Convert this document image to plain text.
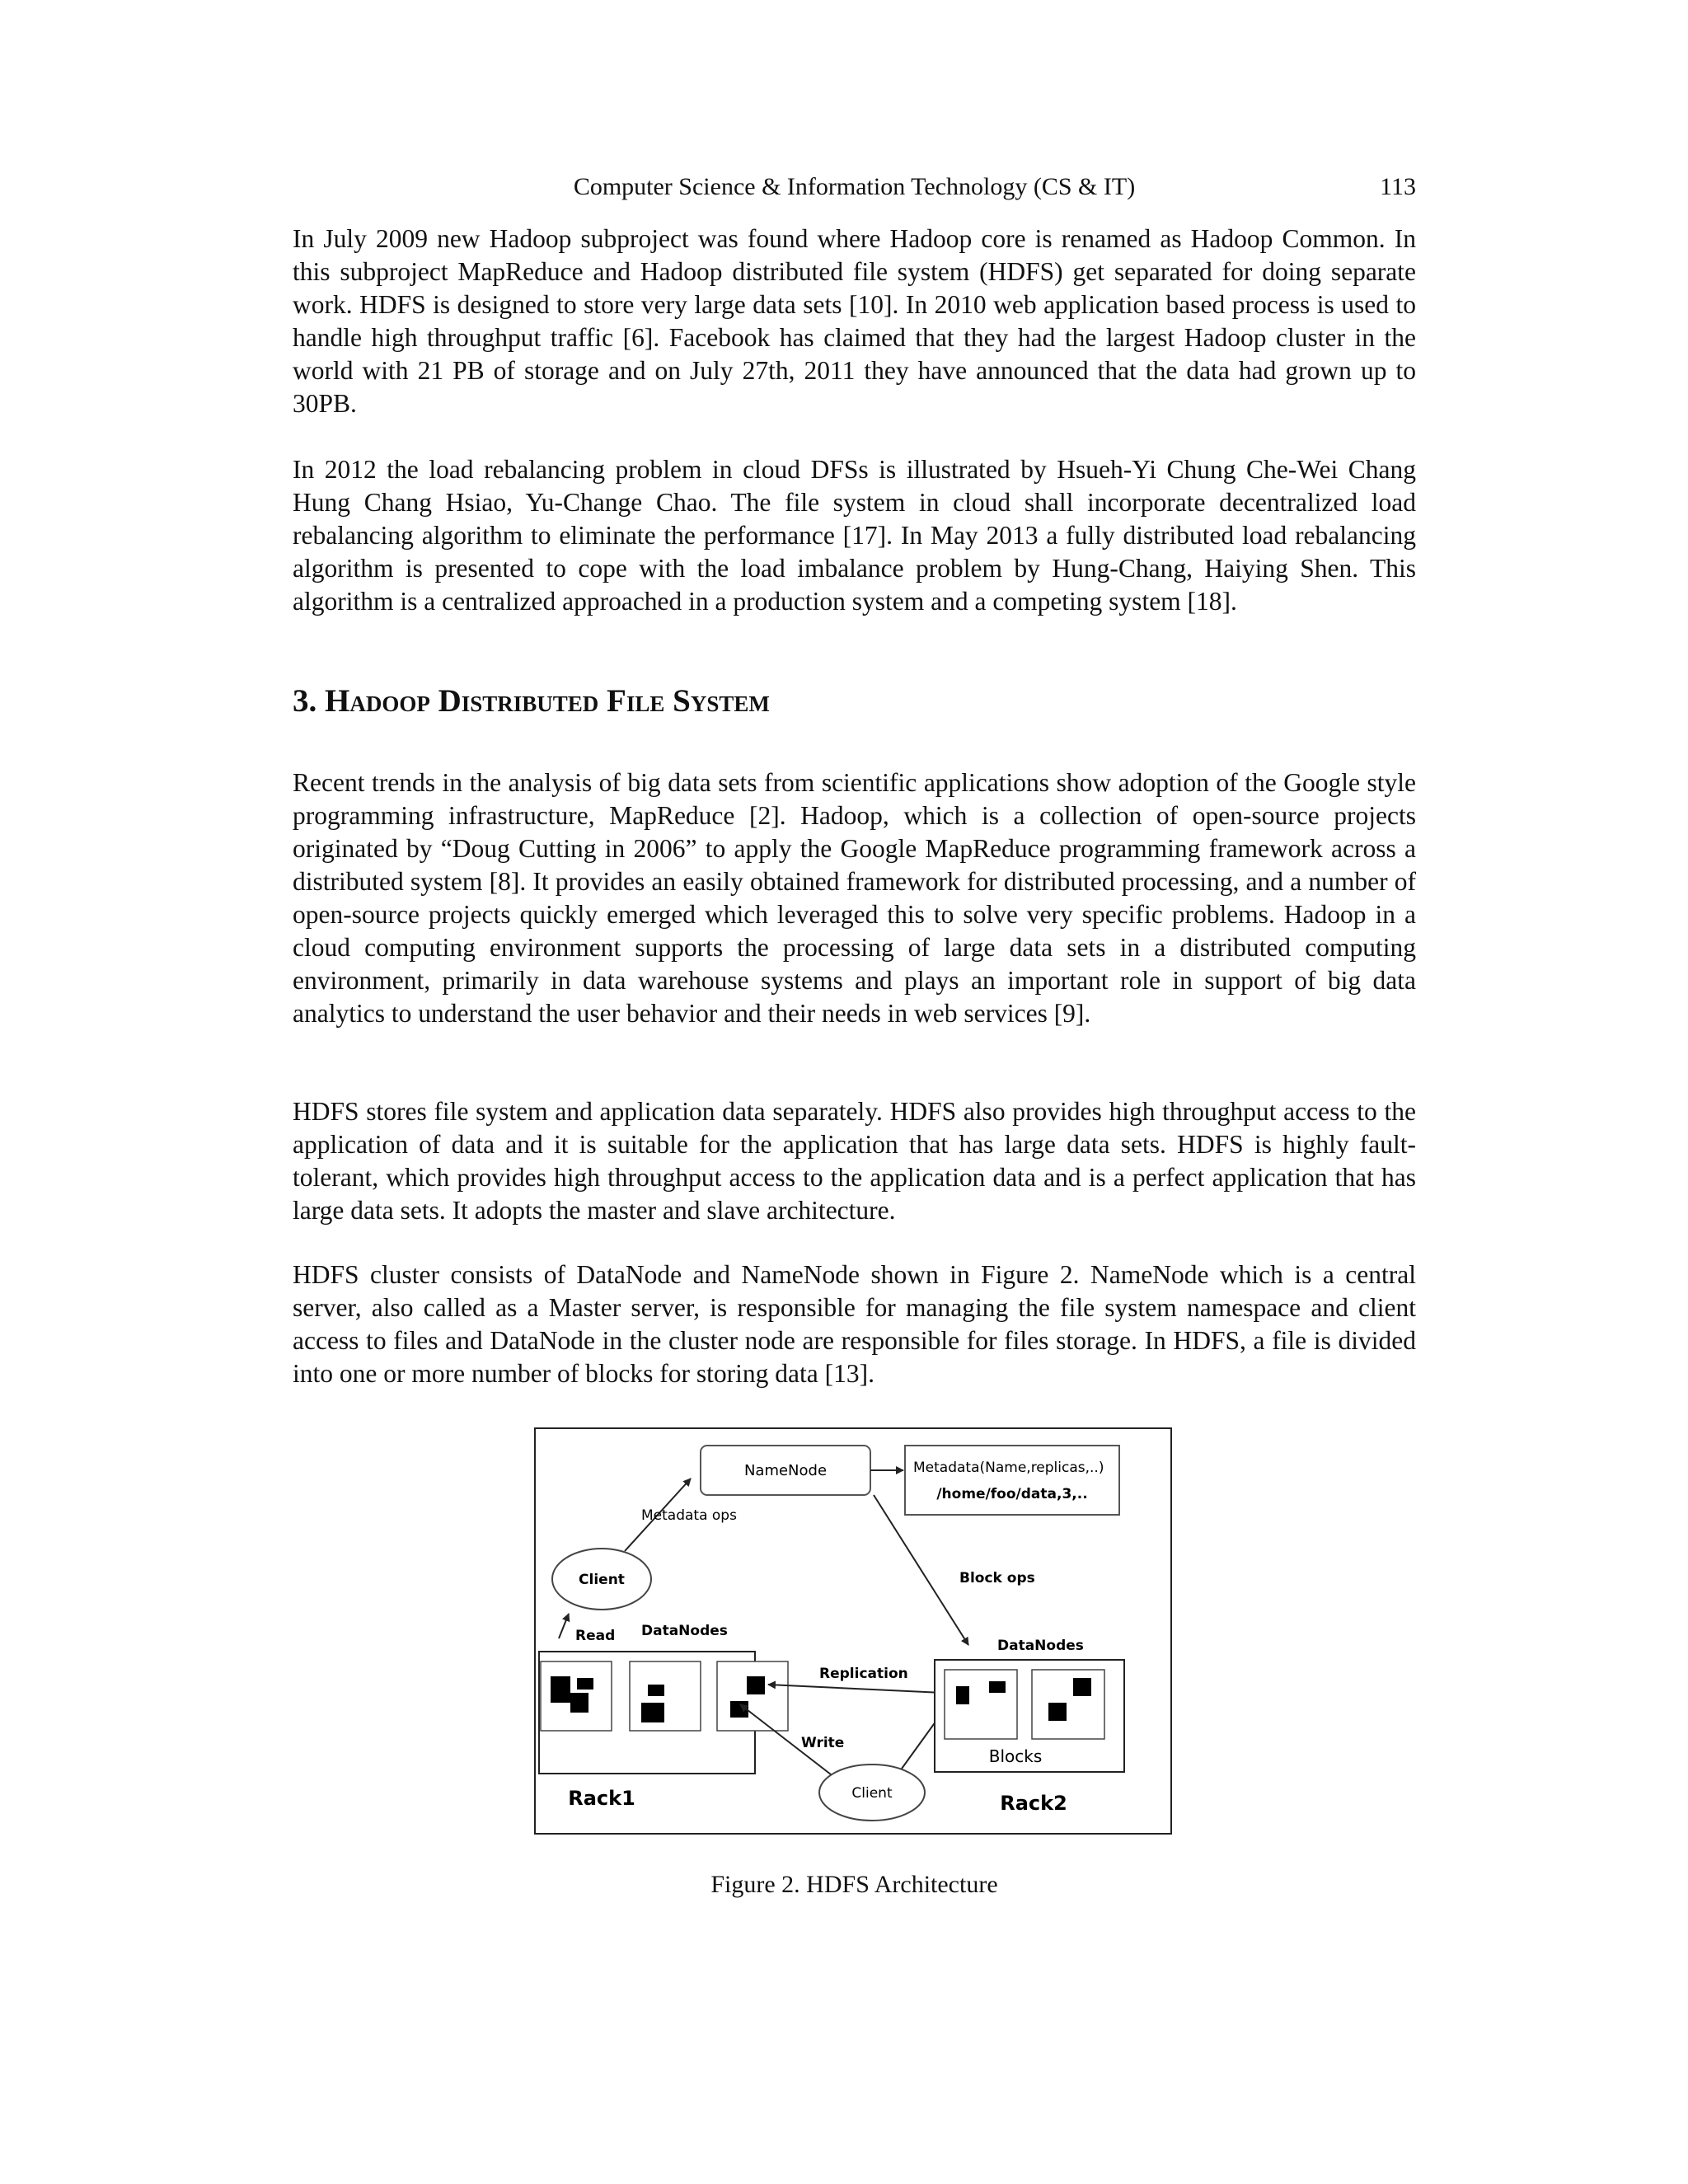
Computer Science & Information Technology (CS & IT)	113

In July 2009 new Hadoop subproject was found where Hadoop core is renamed as Hadoop Common. In this subproject MapReduce and Hadoop distributed file system (HDFS) get separated for doing separate work. HDFS is designed to store very large data sets [10]. In 2010 web application based process is used to handle high throughput traffic [6]. Facebook has claimed that they had the largest Hadoop cluster in the world with 21 PB of storage and on July 27th, 2011 they have announced that the data had grown up to 30PB.

In 2012 the load rebalancing problem in cloud DFSs is illustrated by Hsueh-Yi Chung Che-Wei Chang Hung Chang Hsiao, Yu-Change Chao. The file system in cloud shall incorporate decentralized load rebalancing algorithm to eliminate the performance [17]. In May 2013 a fully distributed load rebalancing algorithm is presented to cope with the load imbalance problem by Hung-Chang, Haiying Shen. This algorithm is a centralized approached in a production system and a competing system [18].

3. Hadoop Distributed File System

Recent trends in the analysis of big data sets from scientific applications show adoption of the Google style programming infrastructure, MapReduce [2]. Hadoop, which is a collection of open-source projects originated by “Doug Cutting in 2006” to apply the Google MapReduce programming framework across a distributed system [8]. It provides an easily obtained framework for distributed processing, and a number of open-source projects quickly emerged which leveraged this to solve very specific problems. Hadoop in a cloud computing environment supports the processing of large data sets in a distributed computing environment, primarily in data warehouse systems and plays an important role in support of big data analytics to understand the user behavior and their needs in web services [9].

HDFS stores file system and application data separately. HDFS also provides high throughput access to the application of data and it is suitable for the application that has large data sets. HDFS is highly fault-tolerant, which provides high throughput access to the application data and is a perfect application that has large data sets. It adopts the master and slave architecture.

HDFS cluster consists of DataNode and NameNode shown in Figure 2. NameNode which is a central server, also called as a Master server, is responsible for managing the file system namespace and client access to files and DataNode in the cluster node are responsible for files storage. In HDFS, a file is divided into one or more number of blocks for storing data [13].

NameNode	Metadata(Name,replicas,..)
/home/foo/data,3,..
Metadata ops
Client	Block ops
Read DataNodes
Rack1
Replication
Write
Client
DataNodes
Blocks
Rack2
Figure 2. HDFS Architecture
